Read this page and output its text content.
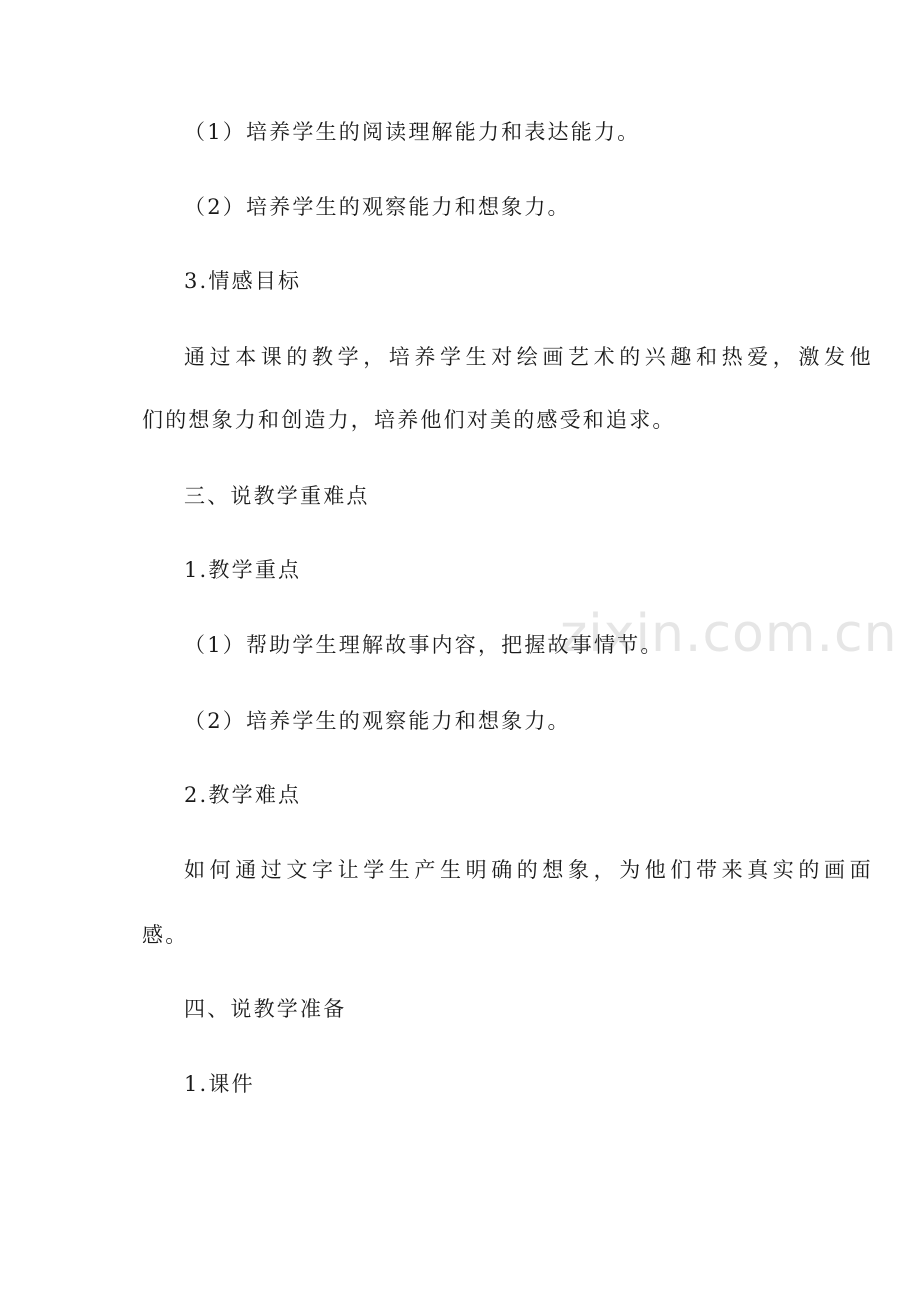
zixin.com.cn
（1）培养学生的阅读理解能力和表达能力。
（2）培养学生的观察能力和想象力。
3.情感目标
通过本课的教学，培养学生对绘画艺术的兴趣和热爱，激发他
们的想象力和创造力，培养他们对美的感受和追求。
三、说教学重难点
1.教学重点
（1）帮助学生理解故事内容，把握故事情节。
（2）培养学生的观察能力和想象力。
2.教学难点
如何通过文字让学生产生明确的想象，为他们带来真实的画面
感。
四、说教学准备
1.课件
